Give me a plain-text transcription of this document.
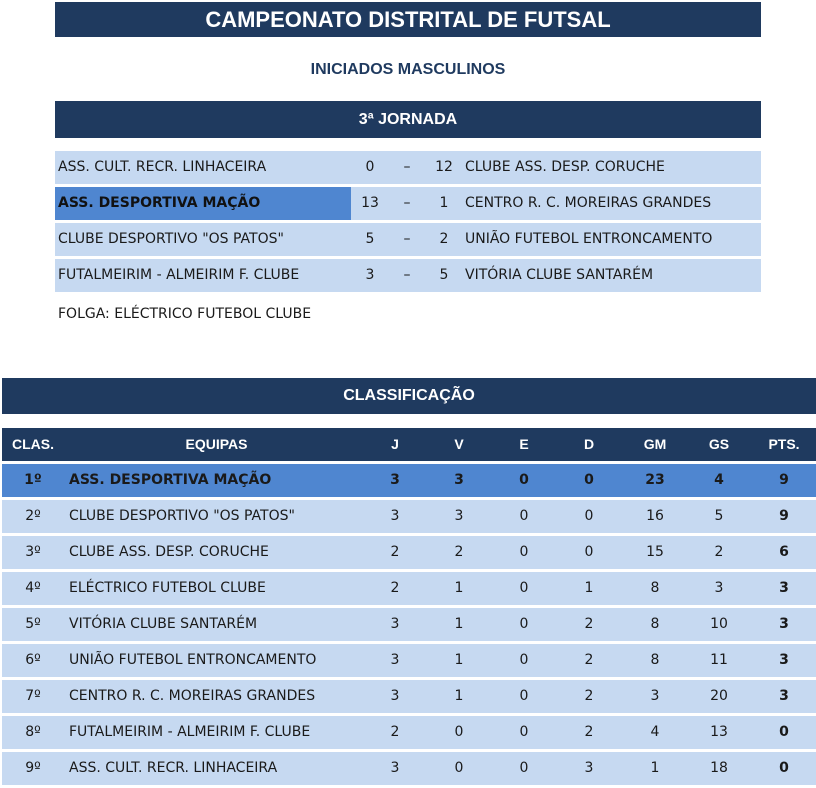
CAMPEONATO DISTRITAL DE FUTSAL
INICIADOS MASCULINOS
3ª JORNADA
ASS. CULT. RECR. LINHACEIRA	0	–	12 CLUBE ASS. DESP. CORUCHE
ASS. DESPORTIVA MAÇÃO	13	–	1	CENTRO R. C. MOREIRAS GRANDES
CLUBE DESPORTIVO "OS PATOS"	5	–	2	UNIÃO FUTEBOL ENTRONCAMENTO
FUTALMEIRIM - ALMEIRIM F. CLUBE	3	–	5	VITÓRIA CLUBE SANTARÉM
FOLGA: ELÉCTRICO FUTEBOL CLUBE
CLASSIFICAÇÃO
CLAS.	EQUIPAS	J	V	E	D	GM	GS	PTS.
1º	ASS. DESPORTIVA MAÇÃO	3	3	0	0	23	4	9
2º	CLUBE DESPORTIVO "OS PATOS"	3	3	0	0	16	5	9
3º	CLUBE ASS. DESP. CORUCHE	2	2	0	0	15	2	6
4º	ELÉCTRICO FUTEBOL CLUBE	2	1	0	1	8	3	3
5º	VITÓRIA CLUBE SANTARÉM	3	1	0	2	8	10	3
6º	UNIÃO FUTEBOL ENTRONCAMENTO	3	1	0	2	8	11	3
7º	CENTRO R. C. MOREIRAS GRANDES	3	1	0	2	3	20	3
8º	FUTALMEIRIM - ALMEIRIM F. CLUBE	2	0	0	2	4	13	0
9º	ASS. CULT. RECR. LINHACEIRA	3	0	0	3	1	18	0
